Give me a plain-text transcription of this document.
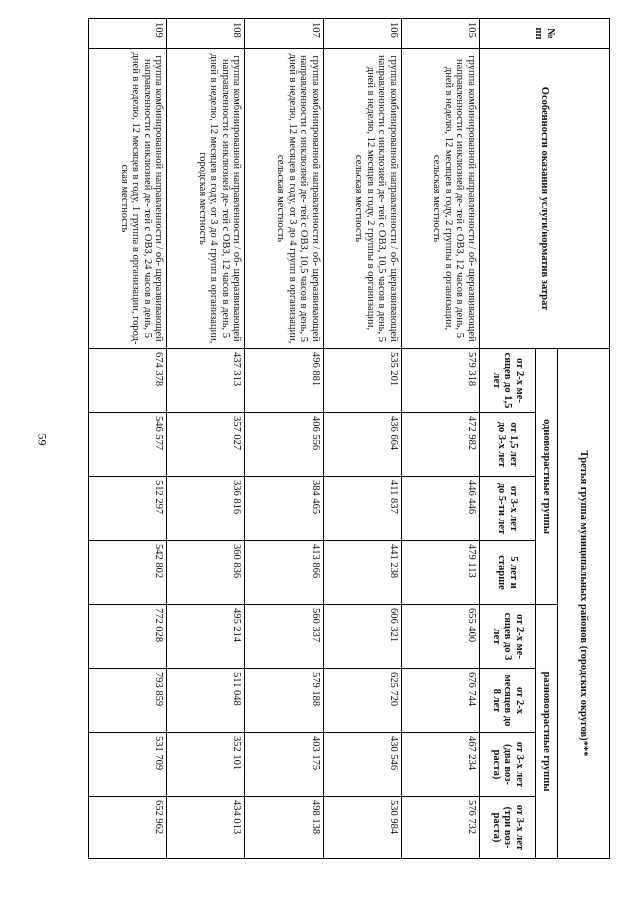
59
№ пп	Особенности оказания услуги/норматив затрат	Третья группа муниципальных районов (городских округов)***							
		одновозрастные группы				разновозрастные группы			
		от 2-х ме- сяцев до 1,5 лет	от 1,5 лет до 3-х лет	от 3-х лет до 5-ти лет	5 лет и старше	от 2-х ме- сяцев до 3 лет	от 2-х месяцев до 8 лет	от 3-х лет (два воз- раста)	от 3-х лет (три воз- раста)
105	группа комбинированной направленности / об- щеразвивающей направленности с инклюзией де- тей с ОВЗ, 12 часов в день, 5 дней в неделю, 12 месяцев в году, 2 группы в организации, сельская местность	579 318	472 982	446 446	479 113	655 400	676 744	467 234	576 732
106	группа комбинированной направленности / об- щеразвивающей направленности с инклюзией де- тей с ОВЗ, 10,5 часов в день, 5 дней в неделю, 12 месяцев в году, 2 группы в организации, сельская местность	535 201	436 664	411 837	441 238	606 321	625 720	430 546	530 984
107	группа комбинированной направленности / об- щеразвивающей направленности с инклюзией де- тей с ОВЗ, 10,5 часов в день, 5 дней в неделю, 12 месяцев в году, от 3 до 4 групп в организации, сельская местность	496 881	406 556	384 465	413 866	560 337	579 188	403 175	498 138
108	группа комбинированной направленности / об- щеразвивающей направленности с инклюзией де- тей с ОВЗ, 12 часов в день, 5 дней в неделю, 12 месяцев в году, от 3 до 4 групп в организации, городская местность	437 313	357 027	336 816	360 836	495 214	511 048	352 101	434 013
109	группа комбинированной направленности / об- щеразвивающей направленности с инклюзией де- тей с ОВЗ, 24 часов в день, 5 дней в неделю, 12 месяцев в году, 1 группа в организации, город- ская местность	674 378	546 577	512 297	542 802	772 028	793 859	531 709	652 962
